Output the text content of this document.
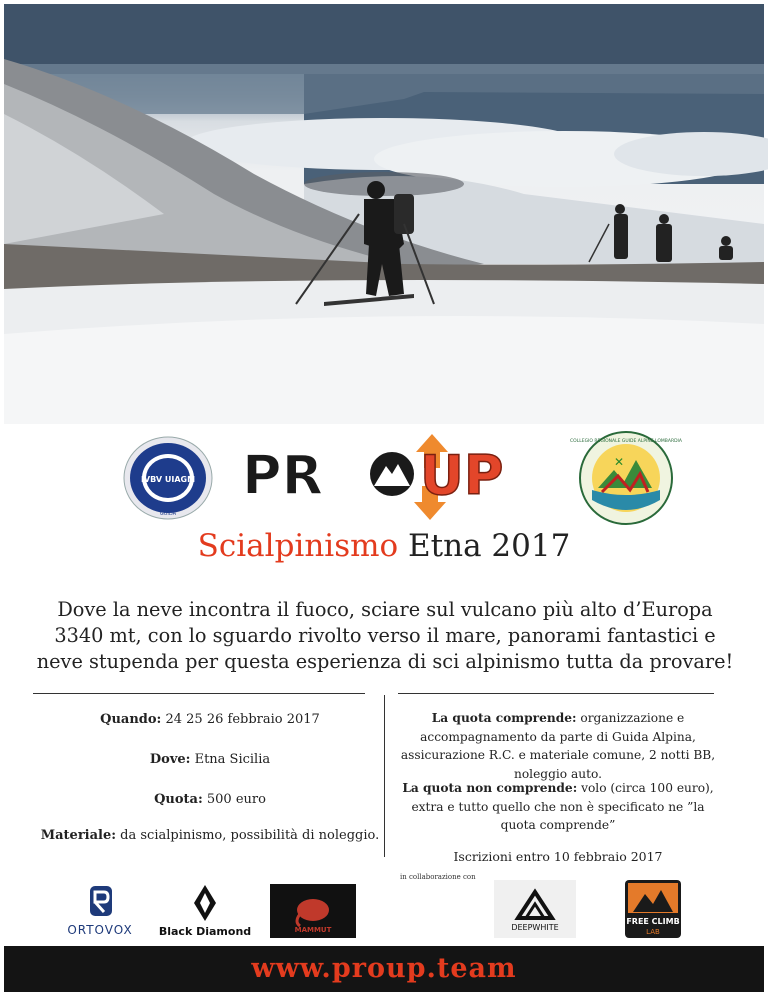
IVBV UIAGM
GUIDA
PR UP	✕
COLLEGIO REGIONALE GUIDE ALPINE LOMBARDIA
Scialpinismo Etna 2017
Dove la neve incontra il fuoco, sciare sul vulcano più alto d’Europa 3340 mt, con lo sguardo rivolto verso il mare, panorami fantastici e neve stupenda per questa esperienza di sci alpinismo tutta da provare!
Quando: 24 25 26 febbraio 2017
Dove: Etna Sicilia
Quota: 500 euro
Materiale: da scialpinismo, possibilità di noleggio.
La quota comprende: organizzazione e accompagnamento da parte di Guida Alpina, assicurazione R.C. e materiale comune, 2 notti BB, noleggio auto.
La quota non comprende: volo (circa 100 euro), extra e tutto quello che non è specificato ne ”la quota comprende”
Iscrizioni entro 10 febbraio 2017
in collaborazione con
ORTOVOX Black Diamond	MAMMUT	DEEPWHITE
FREE CLIMB
LAB
www.proup.team
